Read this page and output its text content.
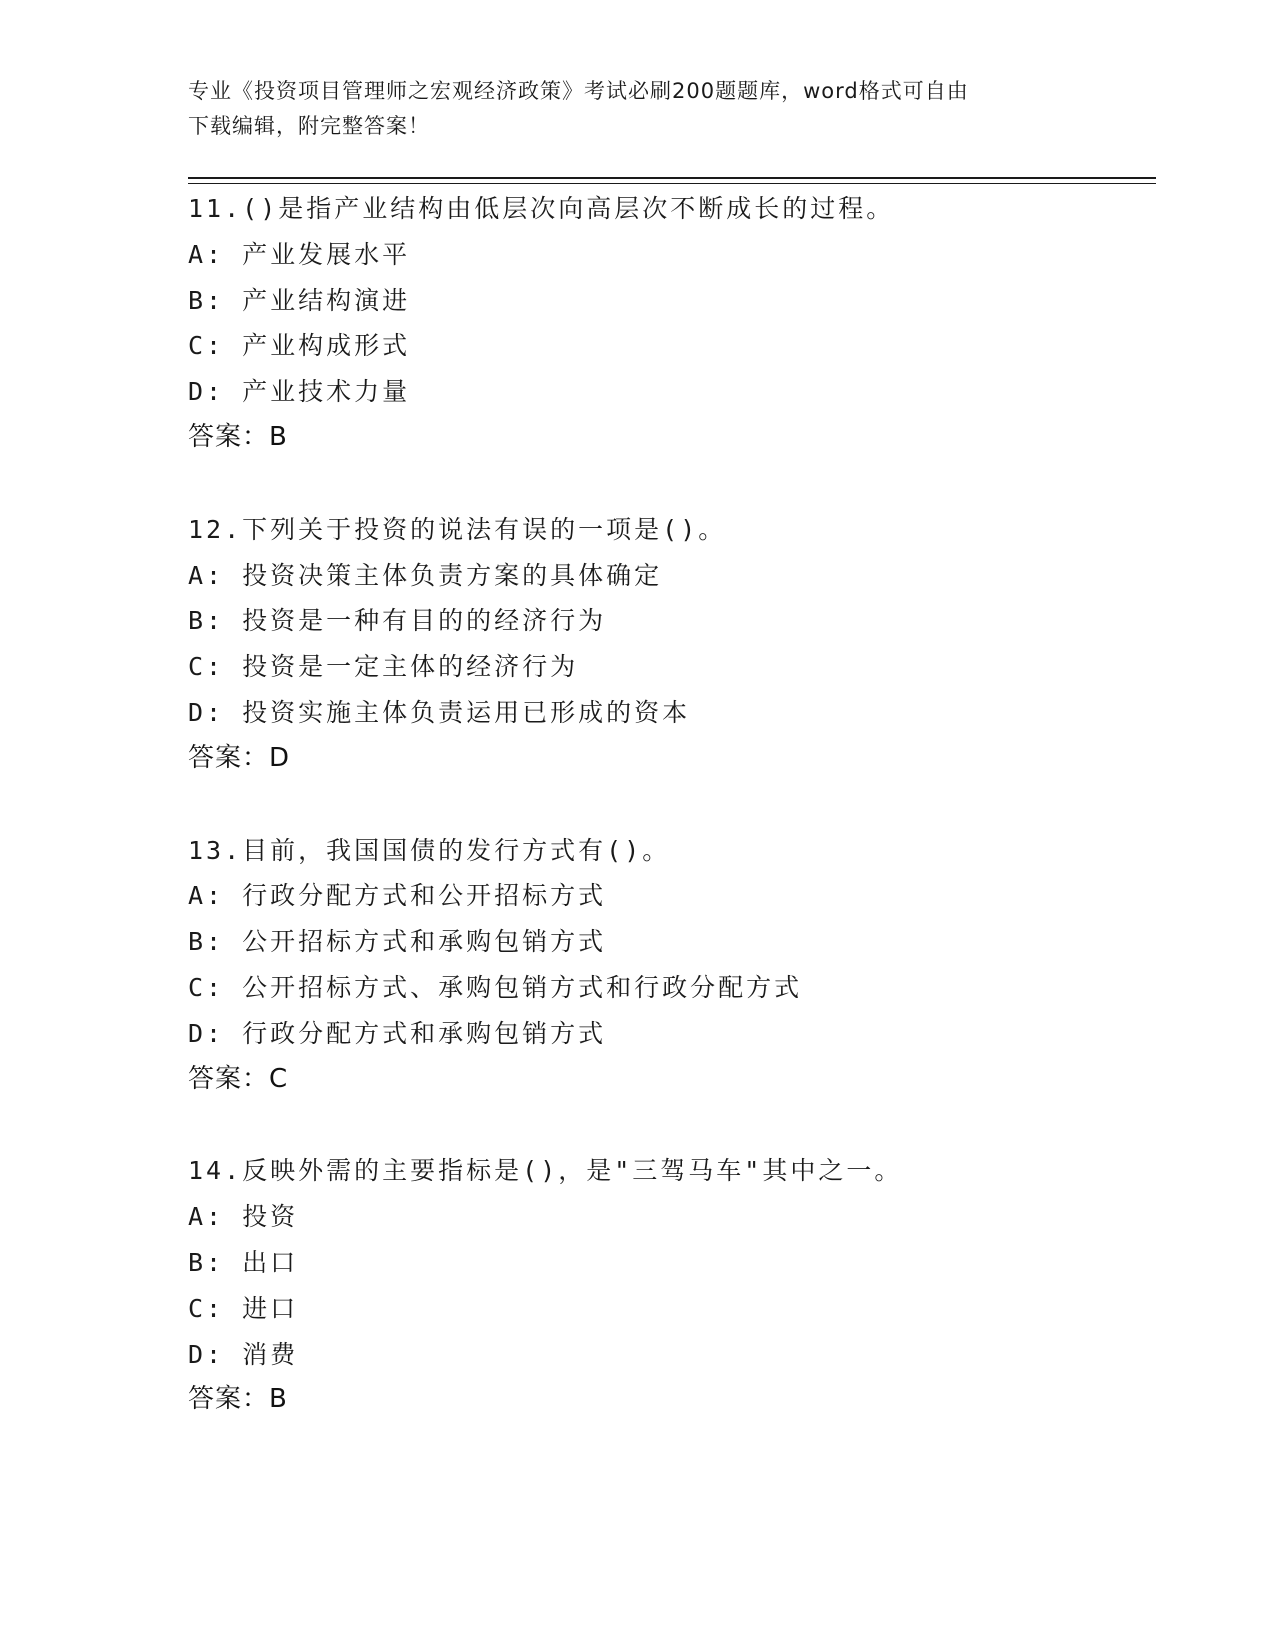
专业《投资项目管理师之宏观经济政策》考试必刷200题题库，word格式可自由
下载编辑，附完整答案！
11.()是指产业结构由低层次向高层次不断成长的过程。
A: 产业发展水平
B: 产业结构演进
C: 产业构成形式
D: 产业技术力量
答案：B
12.下列关于投资的说法有误的一项是()。
A: 投资决策主体负责方案的具体确定
B: 投资是一种有目的的经济行为
C: 投资是一定主体的经济行为
D: 投资实施主体负责运用已形成的资本
答案：D
13.目前，我国国债的发行方式有()。
A: 行政分配方式和公开招标方式
B: 公开招标方式和承购包销方式
C: 公开招标方式、承购包销方式和行政分配方式
D: 行政分配方式和承购包销方式
答案：C
14.反映外需的主要指标是()，是"三驾马车"其中之一。
A: 投资
B: 出口
C: 进口
D: 消费
答案：B
